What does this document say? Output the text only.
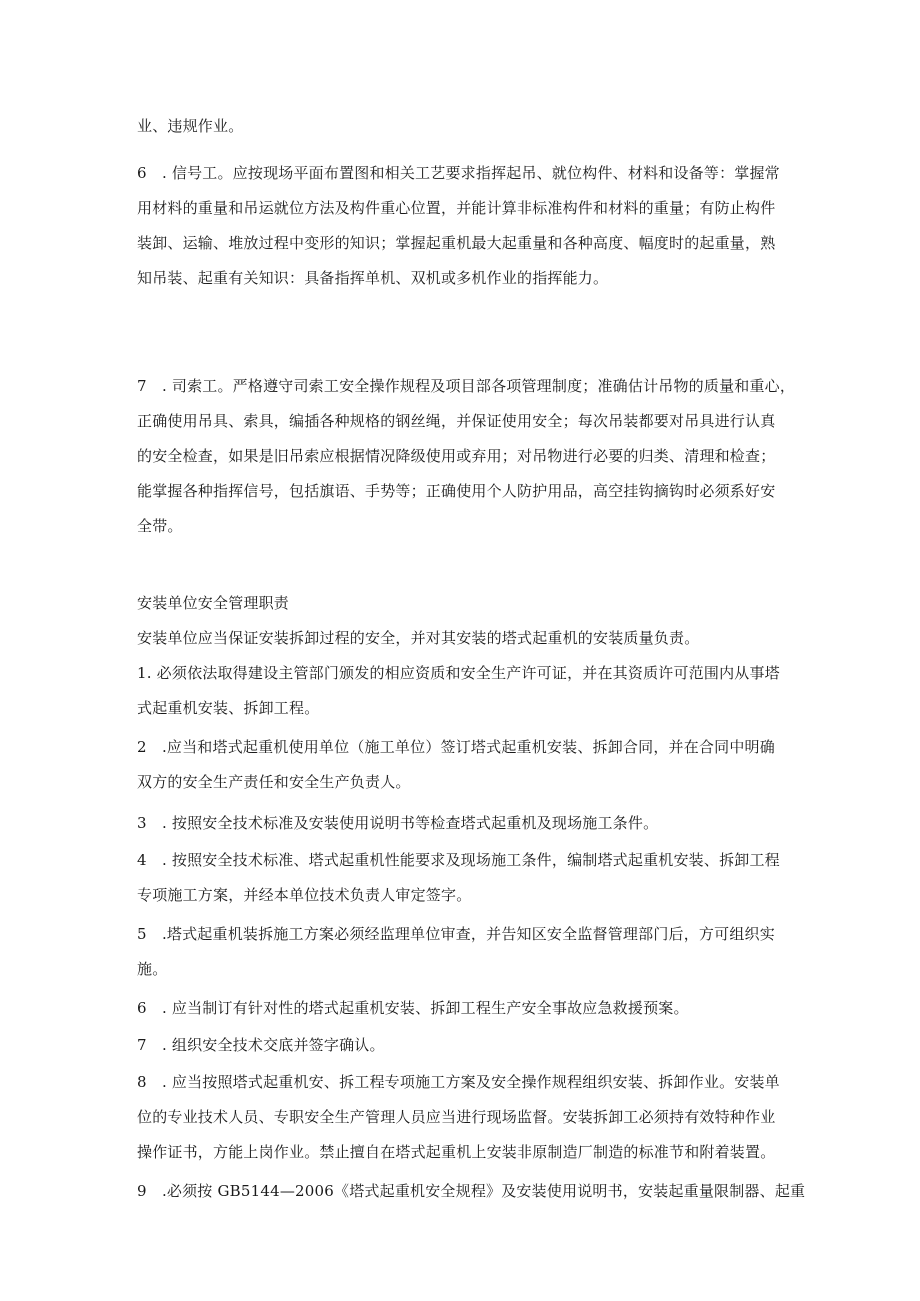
业、违规作业。
6　. 信号工。应按现场平面布置图和相关工艺要求指挥起吊、就位构件、材料和设备等：掌握常
用材料的重量和吊运就位方法及构件重心位置，并能计算非标准构件和材料的重量；有防止构件
装卸、运输、堆放过程中变形的知识；掌握起重机最大起重量和各种高度、幅度时的起重量，熟
知吊装、起重有关知识：具备指挥单机、双机或多机作业的指挥能力。
7　. 司索工。严格遵守司索工安全操作规程及项目部各项管理制度；准确估计吊物的质量和重心，
正确使用吊具、索具，编插各种规格的钢丝绳，并保证使用安全；每次吊装都要对吊具进行认真
的安全检查，如果是旧吊索应根据情况降级使用或弃用；对吊物进行必要的归类、清理和检查；
能掌握各种指挥信号，包括旗语、手势等；正确使用个人防护用品，高空挂钩摘钩时必须系好安
全带。
安装单位安全管理职责
安装单位应当保证安装拆卸过程的安全，并对其安装的塔式起重机的安装质量负责。
1. 必须依法取得建设主管部门颁发的相应资质和安全生产许可证，并在其资质许可范围内从事塔
式起重机安装、拆卸工程。
2　.应当和塔式起重机使用单位（施工单位）签订塔式起重机安装、拆卸合同，并在合同中明确
双方的安全生产责任和安全生产负责人。
3　. 按照安全技术标准及安装使用说明书等检查塔式起重机及现场施工条件。
4　. 按照安全技术标准、塔式起重机性能要求及现场施工条件，编制塔式起重机安装、拆卸工程
专项施工方案，并经本单位技术负责人审定签字。
5　.塔式起重机装拆施工方案必须经监理单位审查，并告知区安全监督管理部门后，方可组织实
施。
6　. 应当制订有针对性的塔式起重机安装、拆卸工程生产安全事故应急救援预案。
7　. 组织安全技术交底并签字确认。
8　. 应当按照塔式起重机安、拆工程专项施工方案及安全操作规程组织安装、拆卸作业。安装单
位的专业技术人员、专职安全生产管理人员应当进行现场监督。安装拆卸工必须持有效特种作业
操作证书，方能上岗作业。禁止擅自在塔式起重机上安装非原制造厂制造的标准节和附着装置。
9　.必须按 GB5144—2006《塔式起重机安全规程》及安装使用说明书，安装起重量限制器、起重
